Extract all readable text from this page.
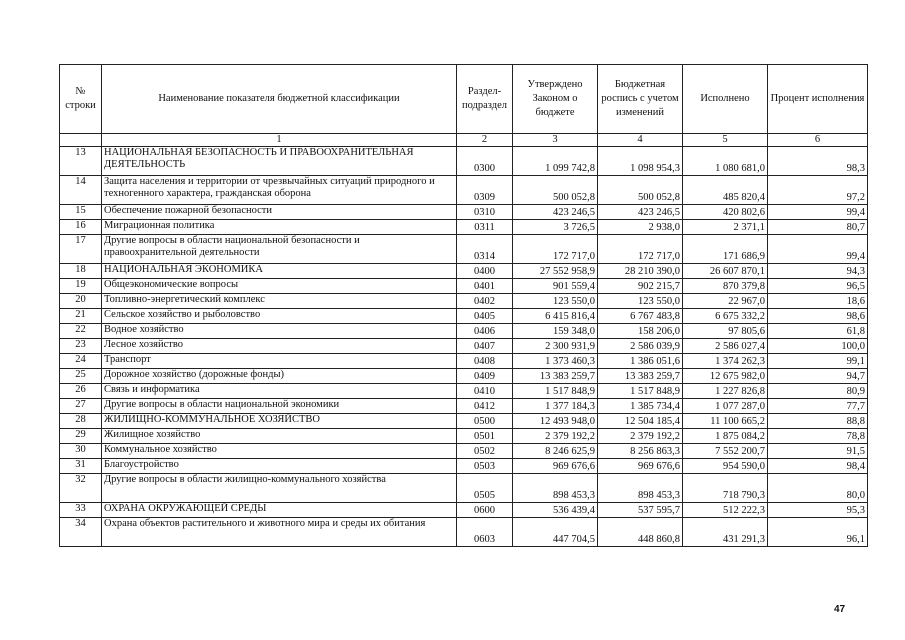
№ строки	Наименование показателя бюджетной классификации	Раздел-подраздел	Утверждено Законом о бюджете	Бюджетная роспись с учетом изменений	Исполнено	Процент исполнения
	1	2	3	4	5	6
13	НАЦИОНАЛЬНАЯ БЕЗОПАСНОСТЬ И ПРАВООХРАНИТЕЛЬНАЯ ДЕЯТЕЛЬНОСТЬ	0300	1 099 742,8	1 098 954,3	1 080 681,0	98,3
14	Защита населения и территории от чрезвычайных ситуаций природного и техногенного характера, гражданская оборона	0309	500 052,8	500 052,8	485 820,4	97,2
15	Обеспечение пожарной безопасности	0310	423 246,5	423 246,5	420 802,6	99,4
16	Миграционная политика	0311	3 726,5	2 938,0	2 371,1	80,7
17	Другие вопросы в области национальной безопасности и правоохранительной деятельности	0314	172 717,0	172 717,0	171 686,9	99,4
18	НАЦИОНАЛЬНАЯ ЭКОНОМИКА	0400	27 552 958,9	28 210 390,0	26 607 870,1	94,3
19	Общеэкономические вопросы	0401	901 559,4	902 215,7	870 379,8	96,5
20	Топливно-энергетический комплекс	0402	123 550,0	123 550,0	22 967,0	18,6
21	Сельское хозяйство и рыболовство	0405	6 415 816,4	6 767 483,8	6 675 332,2	98,6
22	Водное хозяйство	0406	159 348,0	158 206,0	97 805,6	61,8
23	Лесное хозяйство	0407	2 300 931,9	2 586 039,9	2 586 027,4	100,0
24	Транспорт	0408	1 373 460,3	1 386 051,6	1 374 262,3	99,1
25	Дорожное хозяйство (дорожные фонды)	0409	13 383 259,7	13 383 259,7	12 675 982,0	94,7
26	Связь и информатика	0410	1 517 848,9	1 517 848,9	1 227 826,8	80,9
27	Другие вопросы в области национальной экономики	0412	1 377 184,3	1 385 734,4	1 077 287,0	77,7
28	ЖИЛИЩНО-КОММУНАЛЬНОЕ ХОЗЯЙСТВО	0500	12 493 948,0	12 504 185,4	11 100 665,2	88,8
29	Жилищное хозяйство	0501	2 379 192,2	2 379 192,2	1 875 084,2	78,8
30	Коммунальное хозяйство	0502	8 246 625,9	8 256 863,3	7 552 200,7	91,5
31	Благоустройство	0503	969 676,6	969 676,6	954 590,0	98,4
32	Другие вопросы в области жилищно-коммунального хозяйства	0505	898 453,3	898 453,3	718 790,3	80,0
33	ОХРАНА ОКРУЖАЮЩЕЙ СРЕДЫ	0600	536 439,4	537 595,7	512 222,3	95,3
34	Охрана объектов растительного и животного мира и среды их обитания	0603	447 704,5	448 860,8	431 291,3	96,1
47
